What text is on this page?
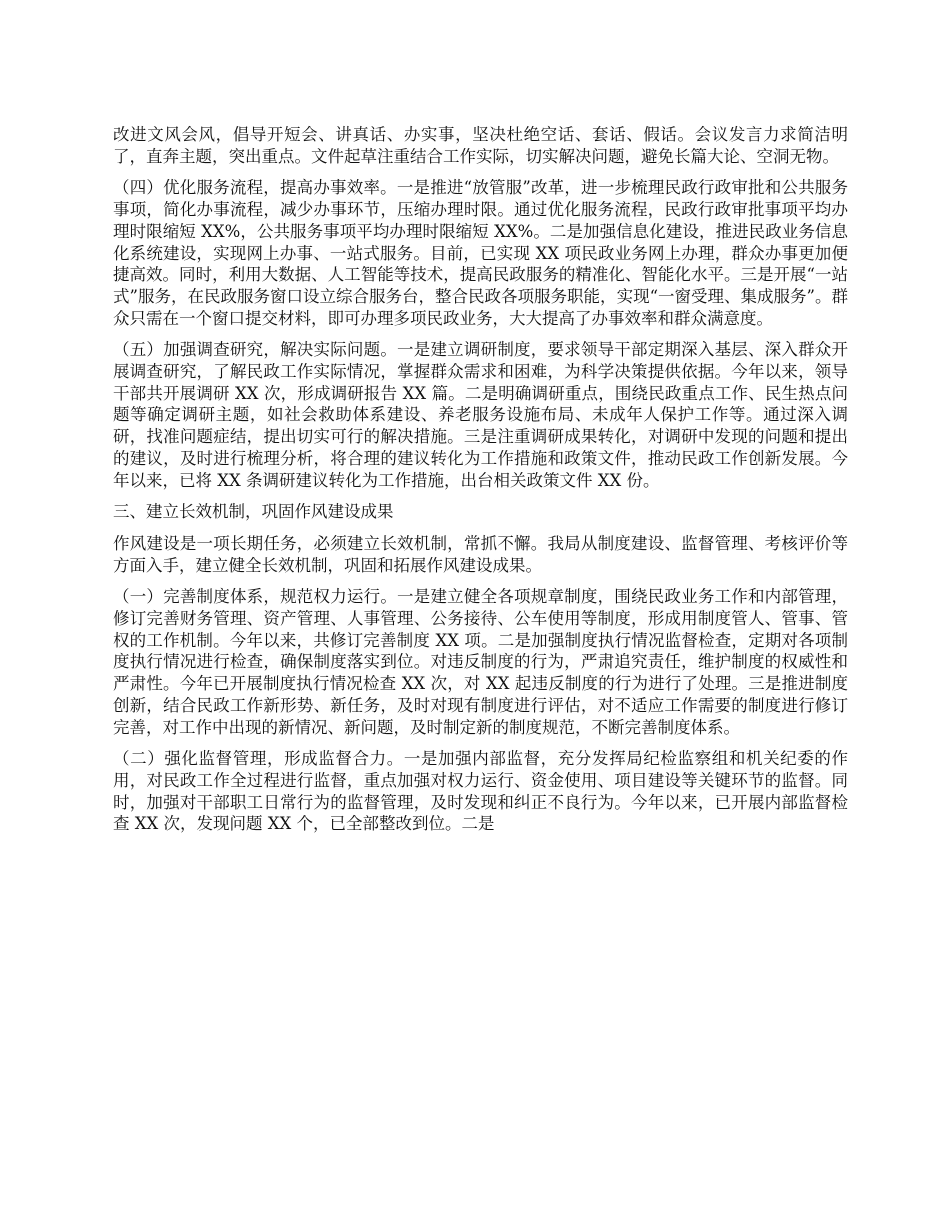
改进文风会风，倡导开短会、讲真话、办实事，坚决杜绝空话、套话、假话。会议发言力求简洁明了，直奔主题，突出重点。文件起草注重结合工作实际，切实解决问题，避免长篇大论、空洞无物。

（四）优化服务流程，提高办事效率。一是推进“放管服”改革，进一步梳理民政行政审批和公共服务事项，简化办事流程，减少办事环节，压缩办理时限。通过优化服务流程，民政行政审批事项平均办理时限缩短 XX%，公共服务事项平均办理时限缩短 XX%。二是加强信息化建设，推进民政业务信息化系统建设，实现网上办事、一站式服务。目前，已实现 XX 项民政业务网上办理，群众办事更加便捷高效。同时，利用大数据、人工智能等技术，提高民政服务的精准化、智能化水平。三是开展“一站式”服务，在民政服务窗口设立综合服务台，整合民政各项服务职能，实现“一窗受理、集成服务”。群众只需在一个窗口提交材料，即可办理多项民政业务，大大提高了办事效率和群众满意度。

（五）加强调查研究，解决实际问题。一是建立调研制度，要求领导干部定期深入基层、深入群众开展调查研究，了解民政工作实际情况，掌握群众需求和困难，为科学决策提供依据。今年以来，领导干部共开展调研 XX 次，形成调研报告 XX 篇。二是明确调研重点，围绕民政重点工作、民生热点问题等确定调研主题，如社会救助体系建设、养老服务设施布局、未成年人保护工作等。通过深入调研，找准问题症结，提出切实可行的解决措施。三是注重调研成果转化，对调研中发现的问题和提出的建议，及时进行梳理分析，将合理的建议转化为工作措施和政策文件，推动民政工作创新发展。今年以来，已将 XX 条调研建议转化为工作措施，出台相关政策文件 XX 份。

三、建立长效机制，巩固作风建设成果

作风建设是一项长期任务，必须建立长效机制，常抓不懈。我局从制度建设、监督管理、考核评价等方面入手，建立健全长效机制，巩固和拓展作风建设成果。

（一）完善制度体系，规范权力运行。一是建立健全各项规章制度，围绕民政业务工作和内部管理，修订完善财务管理、资产管理、人事管理、公务接待、公车使用等制度，形成用制度管人、管事、管权的工作机制。今年以来，共修订完善制度 XX 项。二是加强制度执行情况监督检查，定期对各项制度执行情况进行检查，确保制度落实到位。对违反制度的行为，严肃追究责任，维护制度的权威性和严肃性。今年已开展制度执行情况检查 XX 次，对 XX 起违反制度的行为进行了处理。三是推进制度创新，结合民政工作新形势、新任务，及时对现有制度进行评估，对不适应工作需要的制度进行修订完善，对工作中出现的新情况、新问题，及时制定新的制度规范，不断完善制度体系。

（二）强化监督管理，形成监督合力。一是加强内部监督，充分发挥局纪检监察组和机关纪委的作用，对民政工作全过程进行监督，重点加强对权力运行、资金使用、项目建设等关键环节的监督。同时，加强对干部职工日常行为的监督管理，及时发现和纠正不良行为。今年以来，已开展内部监督检查 XX 次，发现问题 XX 个，已全部整改到位。二是
